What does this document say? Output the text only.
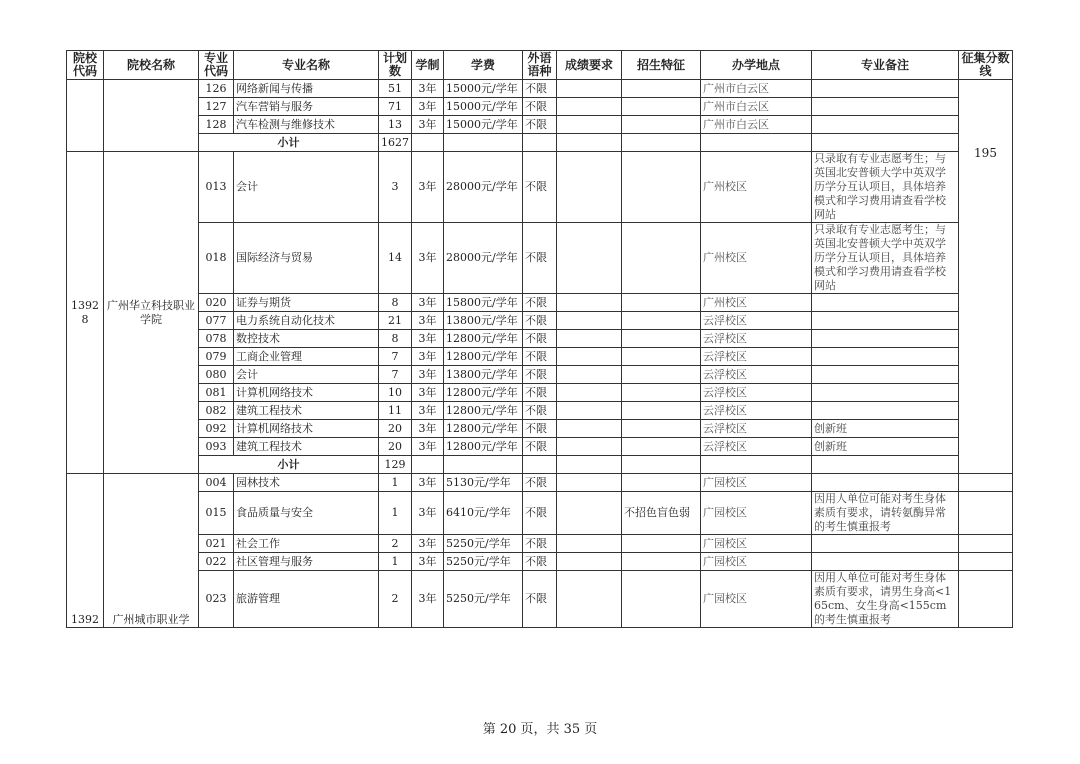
院校代码	院校名称	专业代码	专业名称	计划数	学制	学费	外语语种	成绩要求	招生特征	办学地点	专业备注	征集分数线
		126	网络新闻与传播	51	3年	15000元/学年	不限			广州市白云区		195
		127	汽车营销与服务	71	3年	15000元/学年	不限			广州市白云区		
		128	汽车检测与维修技术	13	3年	15000元/学年	不限			广州市白云区		
		小计		1627								
13928	广州华立科技职业学院	013	会计	3	3年	28000元/学年	不限			广州校区	只录取有专业志愿考生；与英国北安普顿大学中英双学历学分互认项目，具体培养模式和学习费用请查看学校网站	
		018	国际经济与贸易	14	3年	28000元/学年	不限			广州校区	只录取有专业志愿考生；与英国北安普顿大学中英双学历学分互认项目，具体培养模式和学习费用请查看学校网站	
		020	证券与期货	8	3年	15800元/学年	不限			广州校区		
		077	电力系统自动化技术	21	3年	13800元/学年	不限			云浮校区		
		078	数控技术	8	3年	12800元/学年	不限			云浮校区		
		079	工商企业管理	7	3年	12800元/学年	不限			云浮校区		
		080	会计	7	3年	13800元/学年	不限			云浮校区		
		081	计算机网络技术	10	3年	12800元/学年	不限			云浮校区		
		082	建筑工程技术	11	3年	12800元/学年	不限			云浮校区		
		092	计算机网络技术	20	3年	12800元/学年	不限			云浮校区	创新班	
		093	建筑工程技术	20	3年	12800元/学年	不限			云浮校区	创新班	
		小计		129								
1392	广州城市职业学	004	园林技术	1	3年	5130元/学年	不限			广园校区		
		015	食品质量与安全	1	3年	6410元/学年	不限		不招色盲色弱	广园校区	因用人单位可能对考生身体素质有要求，请转氨酶异常的考生慎重报考	
		021	社会工作	2	3年	5250元/学年	不限			广园校区		
		022	社区管理与服务	1	3年	5250元/学年	不限			广园校区		
		023	旅游管理	2	3年	5250元/学年	不限			广园校区	因用人单位可能对考生身体素质有要求，请男生身高<165cm、女生身高<155cm的考生慎重报考	
第 20 页，共 35 页
